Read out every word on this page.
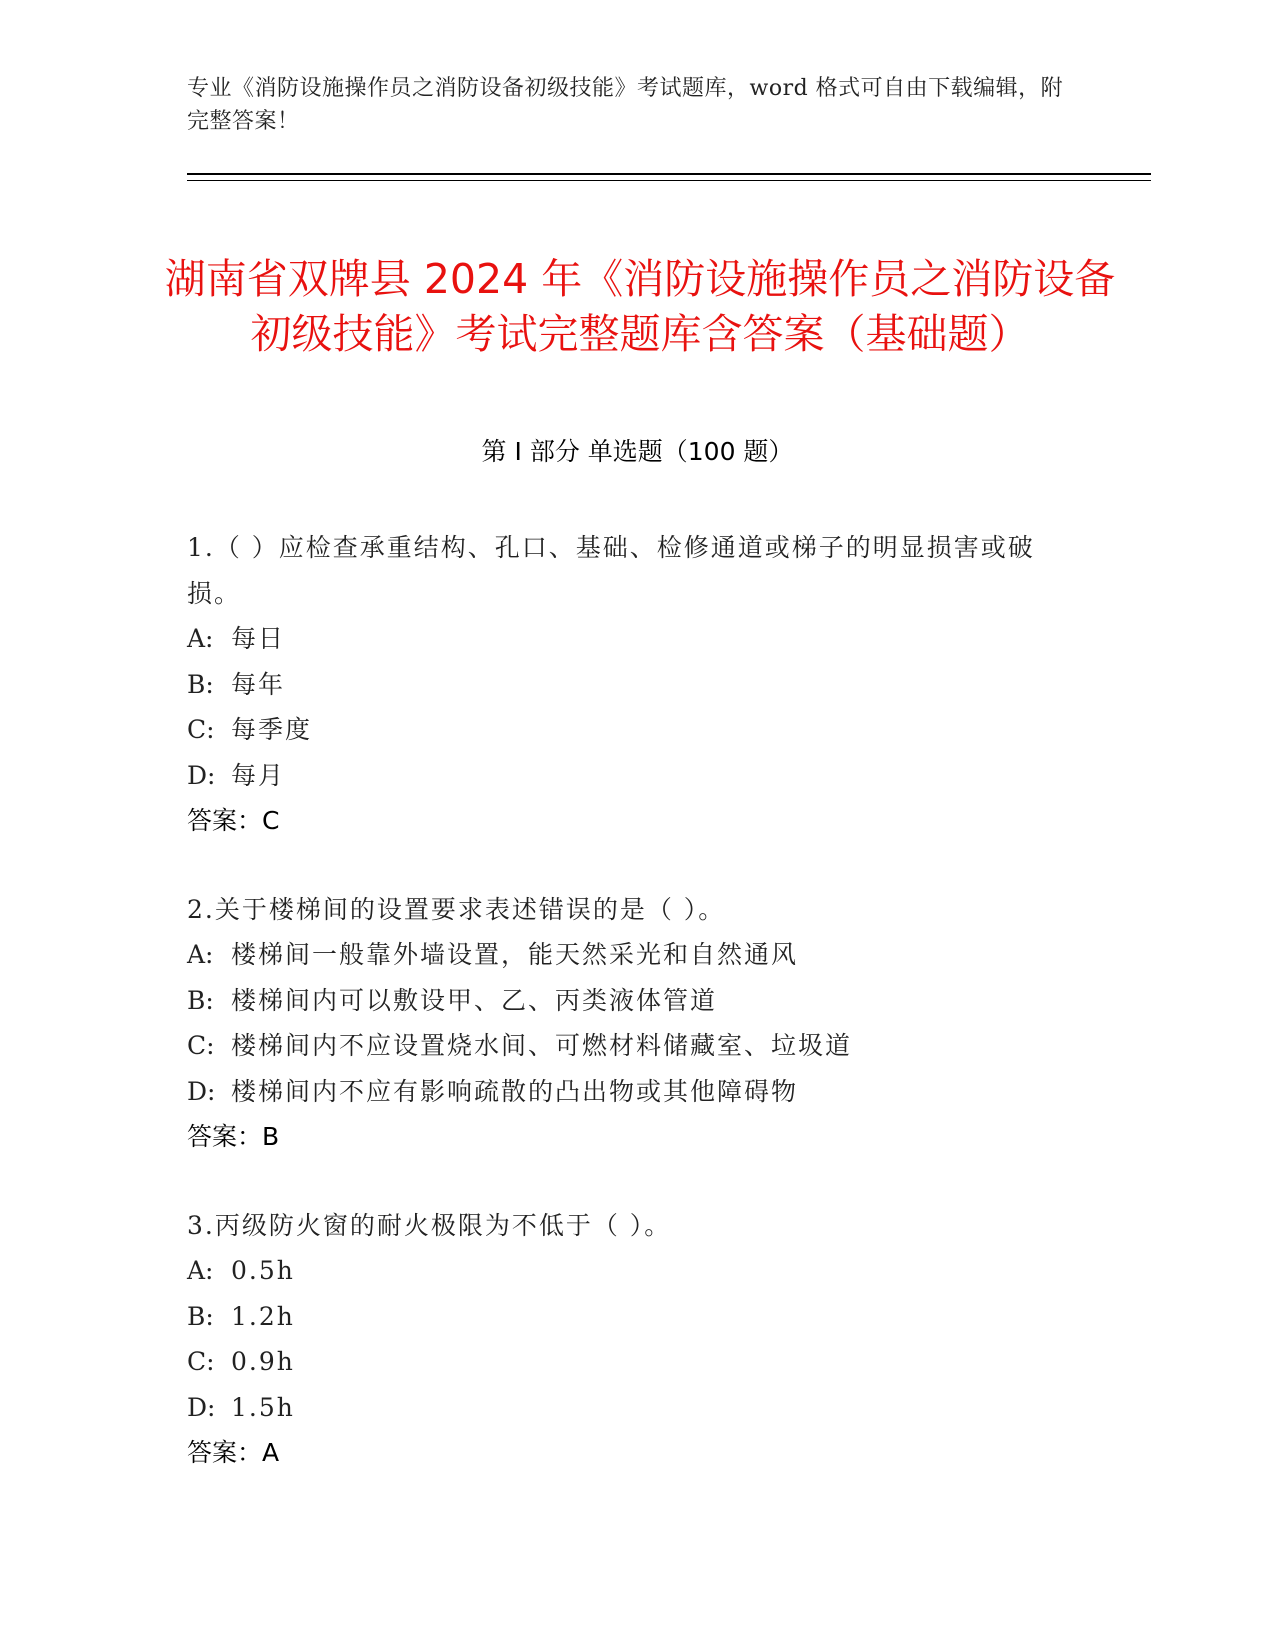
专业《消防设施操作员之消防设备初级技能》考试题库，word 格式可自由下载编辑，附完整答案！
湖南省双牌县 2024 年《消防设施操作员之消防设备初级技能》考试完整题库含答案（基础题）
第 I 部分 单选题（100 题）

1.（ ）应检查承重结构、孔口、基础、检修通道或梯子的明显损害或破损。

A: 每日

B: 每年

C: 每季度

D: 每月

答案：C

2.关于楼梯间的设置要求表述错误的是（ ）。

A: 楼梯间一般靠外墙设置，能天然采光和自然通风

B: 楼梯间内可以敷设甲、乙、丙类液体管道

C: 楼梯间内不应设置烧水间、可燃材料储藏室、垃圾道

D: 楼梯间内不应有影响疏散的凸出物或其他障碍物

答案：B

3.丙级防火窗的耐火极限为不低于（ ）。

A: 0.5h

B: 1.2h

C: 0.9h

D: 1.5h

答案：A
